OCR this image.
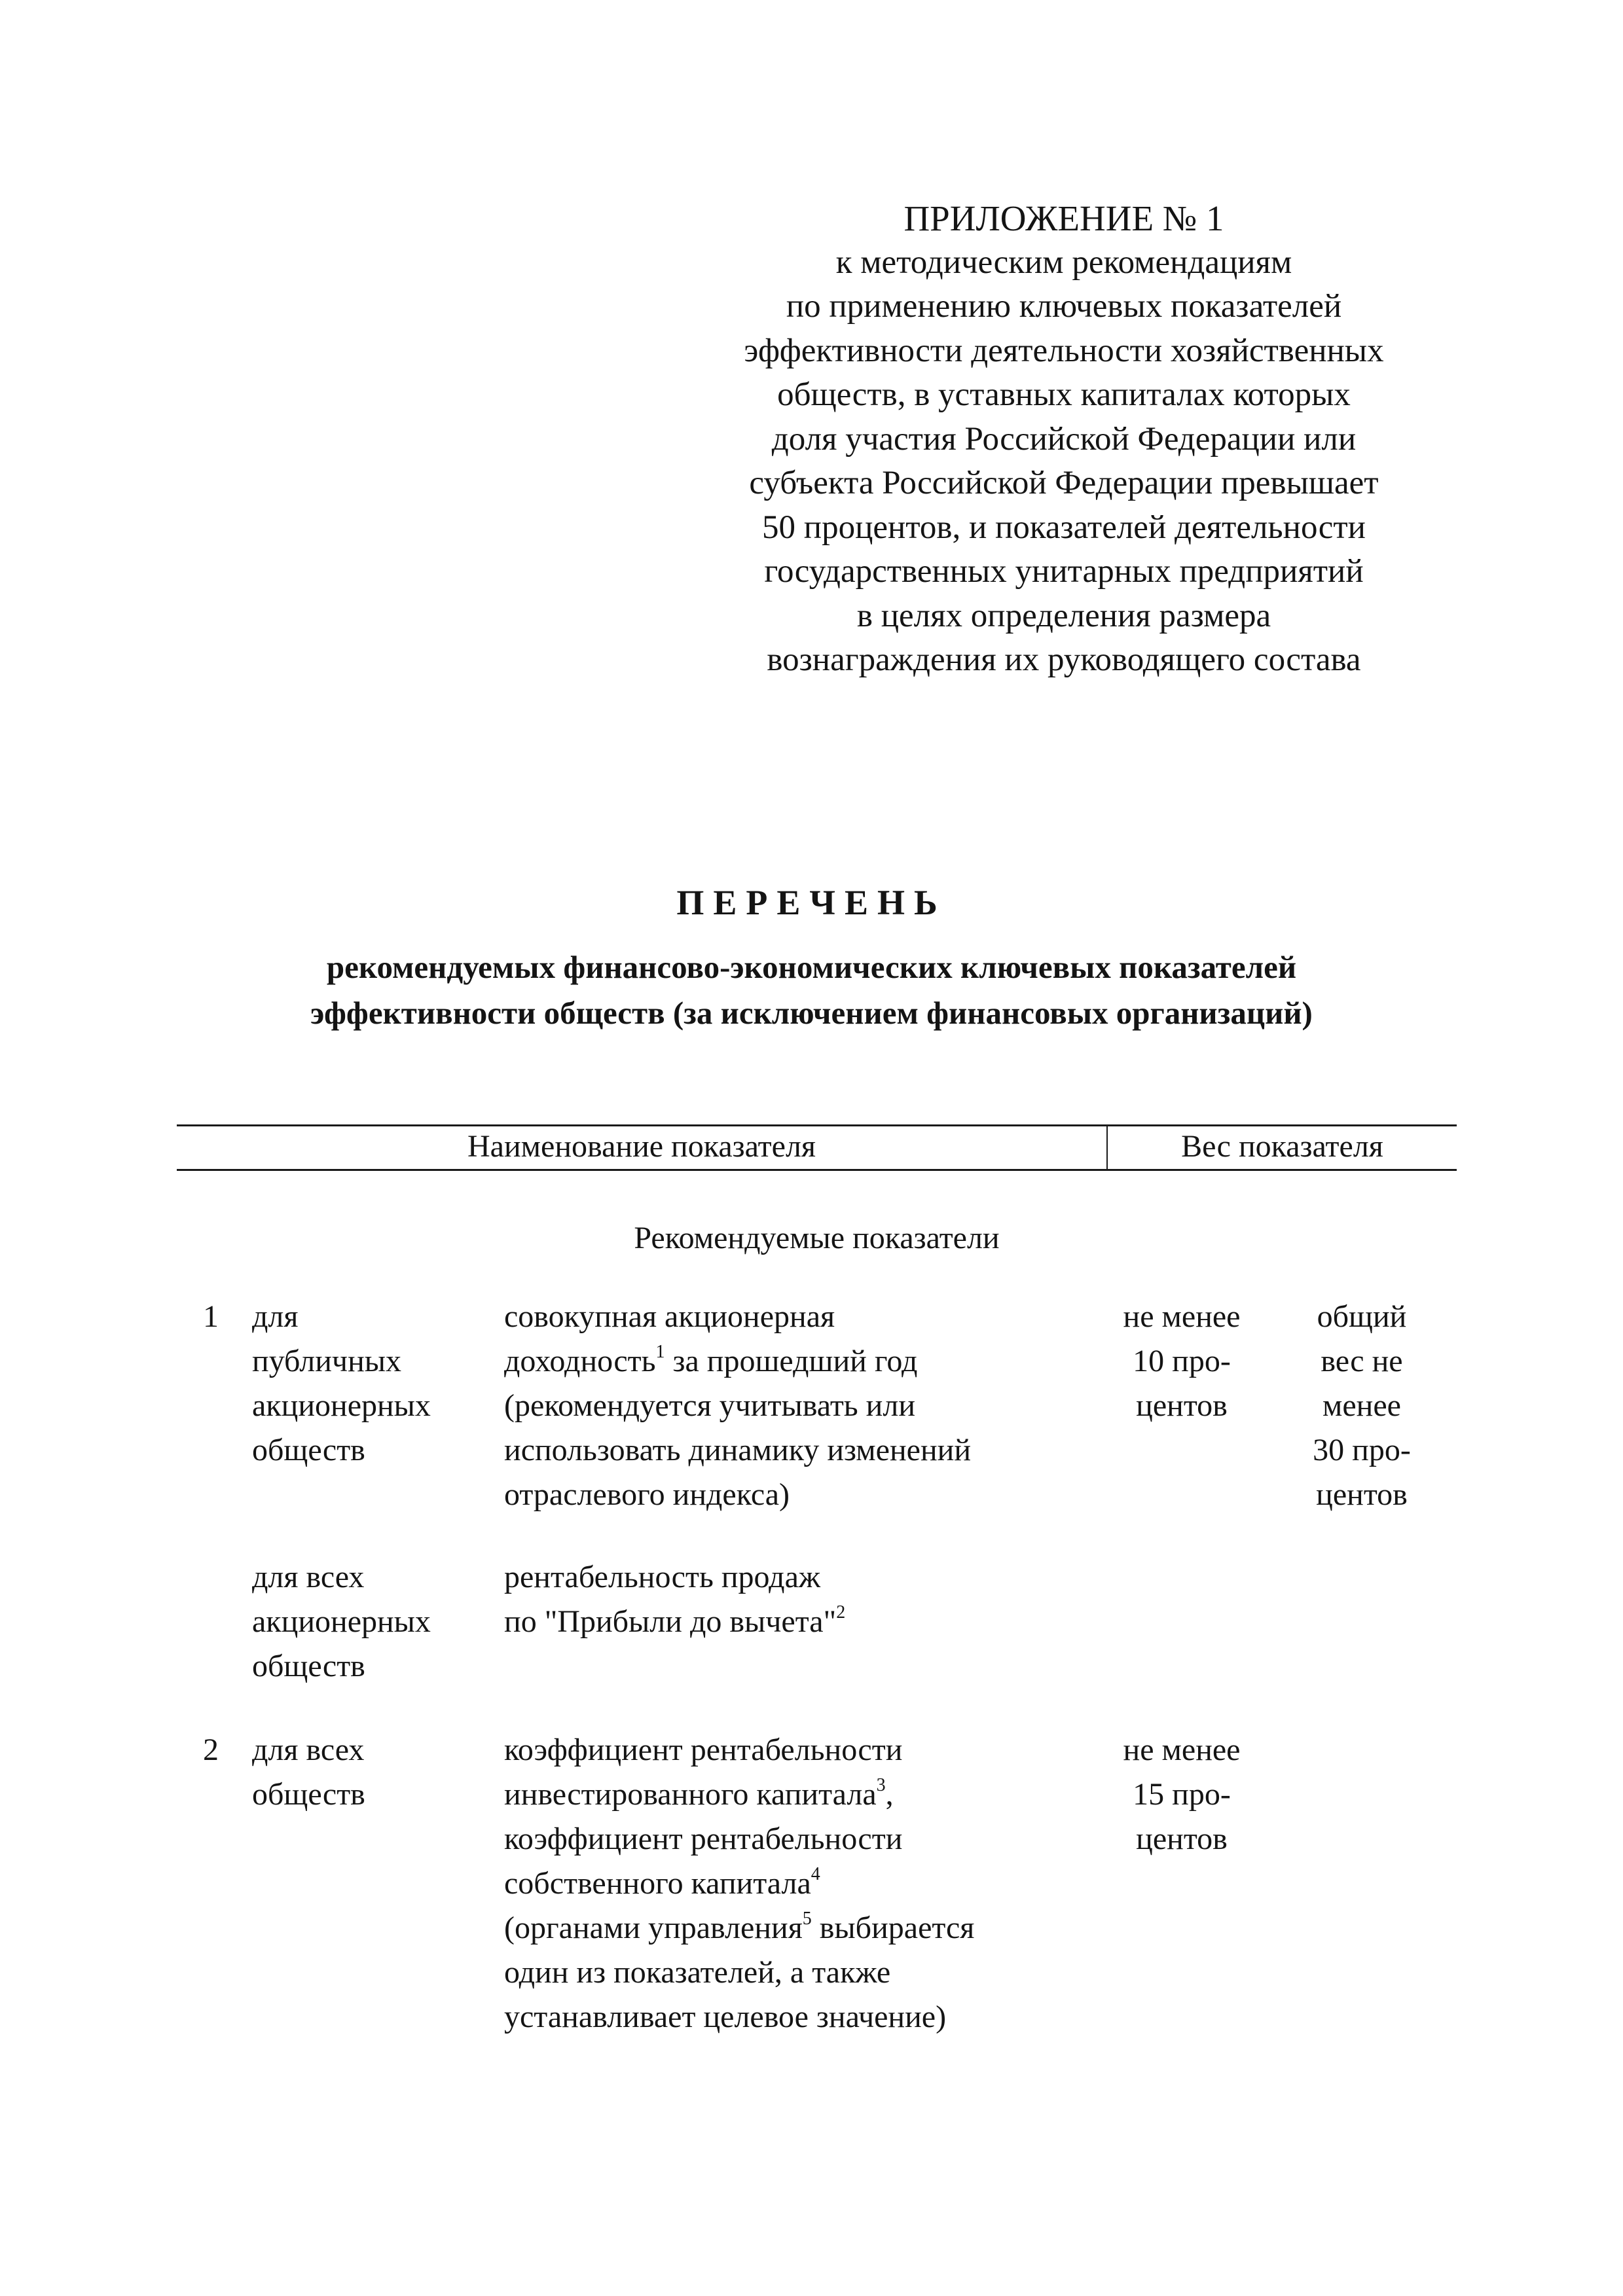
ПРИЛОЖЕНИЕ № 1
к методическим рекомендациям
по применению ключевых показателей
эффективности деятельности хозяйственных
обществ, в уставных капиталах которых
доля участия Российской Федерации или
субъекта Российской Федерации превышает
50 процентов, и показателей деятельности
государственных унитарных предприятий
в целях определения размера
вознаграждения их руководящего состава
ПЕРЕЧЕНЬ
рекомендуемых финансово-экономических ключевых показателей
эффективности обществ (за исключением финансовых организаций)
Наименование показателя	Вес показателя
Рекомендуемые показатели
1 для
публичных
акционерных
обществ
совокупная акционерная
доходность$^1$ за прошедший год
(рекомендуется учитывать или
использовать динамику изменений
отраслевого индекса)
не менее
10 про-
центов
общий
вес не
менее
30 про-
центов
для всех
акционерных
обществ
рентабельность продаж
по "Прибыли до вычета"$^2$
2 для всех
обществ
коэффициент рентабельности
инвестированного капитала$^3$,
коэффициент рентабельности
собственного капитала$^4$
(органами управления$^5$ выбирается
один из показателей, а также
устанавливает целевое значение)
не менее
15 про-
центов
